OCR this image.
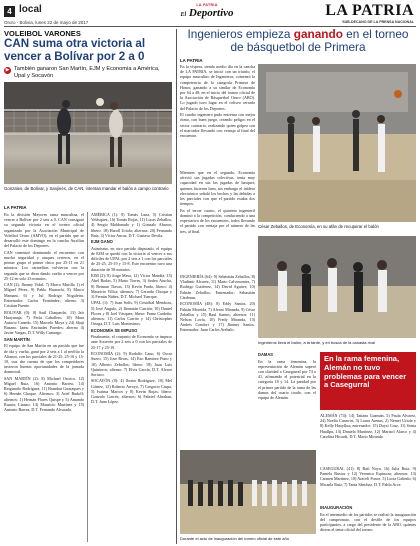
4 local
Oruro - Bolivia, lunes 22 de mayo de 2017
LA PATRIA
El Deportivo	LA PATRIA
SUB-DECANO DE LA PRENSA NACIONAL
VOLEIBOL VARONES
CAN suma otra victoria al vencer a Bolívar por 2 a 0
▶ También ganaron San Martín, EJM y Economía a América, Upal y Socavón
Gonzales, de Bolívar, y Sanjinés, de CAN, intentan mandar el balón a campo contrario
LA PATRIA

En la división Mayores rama masculina, el vencer a Bolívar por 2 sets a 0, CAN consiguió su segunda victoria en el torneo oficial organizado por la Asociación Municipal de Voleibol Oruro (AMVO), en el partido que se desarrolló este domingo en la cancha Auxiliar del Palacio de los Deportes.

CAN comenzó dominando el encuentro con mucha seguridad y ataques certeros, en el primer grupo el primer chico por 25-11 en 21 minutos. Los carmelitas volvieron con la segunda que se diera dando vuelta a vencer por 25-12 en solo 23 minutos.

CAN (2): Jhonny Vidal, 7) Marco Murillo 1) el Miguel Pérez, 9) Pablo Huarachi, 8) Marco Mamani, 6) y Jul Rodrigo Noguleira. Entrenador: Carlos Fernández; alterno 3) Cristian Fuente.

BOLIVAR (0): 8) Saúl Chaquechi, 13) Jaír Huayanaja, 7) Fería Caballero, 10) Mara Autorio Canedo, 15) Marcelo Moya y 24) Shaji Busano. Iamu Encinales Paredes; alterno 4) Javier Vargas, D.T. Willy Camargo.

SAN MARTÍN

El equipo de San Martín en un partido que fue de ida y vuelta, ganó por 2 sets a 1 al neófito la Alianza, con los parciales de 21-25, 25-16 y 15-10, tras dar cuenta de que los competidores tuvieron buenas oportunidades de la jornada dominical.

SAN MARTÍN (2): 8) Michael Orozco, 12) Miguel Ruiz, 16) Antonio Barrea, 14) Reiginarlo Rodríguez, 11) Brandon Guaraques y 6) Hernán Choque. Alternos: 3) Ariel Rudolf; alternos: 1) Hernán Flores Quispe y 5) Amando Ruaria; Lianzo: 13) Mauricio Martínez y 15) Antonio Barrea, D.T. Fernando Alvarado.

AMÉRICA (1): 9) Tomás Luna, 5) Cristian Velásquez, 16) Tomás Rojas, 11) Lucas Zeballos, 4) Sergio Maldonado y 1) Gonzalo Abaroa; libero: 18) Haroll Uriola; alternos: 20) Fernando Baía, 3) Víctor Ancas, D.T. Gustavo Devila.

EJM GANO

Asimismo, en otro partido disputado, el equipo de EJM se quedó con la victoria al vencer a sus difíciles de UPAL por 2 sets a 1 con los parciales de 25-25, 25-19 y 15-8. Este encuentro tuvo una duración de 58 minutos.

EJM (2): 8) Jorge Mesa, 12) Víctor Mendía, 15) Abel Rodas, 5) Mario Torres, 3) Sodeo Atucha, 8) Beiman Tiavas, 13) Kevin Pardo, libero: 4) Mauricio Villca; alternos: 7) Gerardo Choque y 3) Fernán Núñez, D.T. Michael Tuerque.

UPAL (1): 7) Juan Solís, 9) Cristóbal Mendoza, 5) José Angulo, 2) Jhonatán Carrión, 10) Daniel Flores y 8) Joel Vásquez; libero: Franz Cardeña; alternos: 11) Carlos Carrito y 14) Christopher Ortega, D.T. Luis Montesinos.

ECONOMÍA SE IMPUSO

Finalmente, el conjunto de Economía se impuso ante Socavón por 2 sets a 0 con los parciales de 25-17 y 25-19.

ECONOMÍA (2): 9) Rodolfo Cano, 6) Oscar Suero, 15) Jose Rivas, 14) Ezo Ramírez Puno y 10) Alberto Zeballos; libero: 18) Juan Luis Quinteros; alterno: 7) Elvis García, D.T. Alvaro Soriaco.

SOCAVÓN (0): 4) Jhonn Rodríguez, 10) Mel Gómez, 12) Roberto Arroyo, 7) Gregorio Caspa, 5) Ivaima Marcos y 8) Kevin Rojas; libero: Gonzalo Garcés; alternos: 6) Fabriel Abrahan, D.T. Juan López.

Ingenieros empieza ganando en el torneo de básquetbol de Primera
LA PATRIA

En la víspera, siendo medio día en la cancha de LA PATRIA, se inició con un triunfo, el equipo masculino de Ingenieros, comenzó la competencia de la categoría Primera de Honor, ganando a su similar de Economía por 64 a 48, en el inicio del torneo oficial de la Asociación de Básquetbol Oruro (ABO). Lo jugado tuvo lugar en el coliseo cerrado del Palacio de los Deportes.

El cuadro ingeniero pudo entrenar con mejor ritmo, con buen juego, creando peligro en el sector contrario, realizando quien golpea con el marcador llevando con ventaja al final del encuentro.

Mientras que en el segundo, Economía ofreció sus jugadas colectivas, tenía muy capacidad en sus las jugadas de basquet, quienes hicieron bien, sin embargo el tablero electrónico señaló los hechos y las debidas a los parciales con que el partido estaba dos tiempos.

En el tercer cuarto, el quinteto ingenieril dominó a la competición, conduciendo a una expectativa de los encuentros, todos llevando el partido con ventaja por el número de las tres, al final.

César Zeballos, de Economía, en su afán de recuperar el balón
Ingenieros lleva el balón, a la tarde, y en busca de la canasta rival

INGENIERÍA (64): 9) Sebastián Zeballos, 8) Vladimir Alvarez, 11) Mario Calvimontes, 7) Rodrigo Gutiérrez, 14) David Aguirre, 10) Fabián Zeballos; Entrenador: Sebastián Cárdenas.

ECONOMÍA (48): 8) Eddy Santos, 20) Fabián Moreida, 7) Alvaro Miranda, 9) César Zeballos y 15) Raul Santos; alternos: 11) Nelson Lovía, 10) Fredy Miranda, 13) Andrés Condori y 17) Jhonny Santos. Entrenador: Juan Carlos Arebalo.

DAMAS

En la rama femenina, la representación de Alemán superó con claridad a Casegurral por 74 a 41, afirmando el potencial en la categoría 18 y 14. La paridad por el primer partido de la rama de las damas del cuarto tirado, con el equipo de Alemán.

En la rama femenina, Alemán no tuvo problemas para vencer a Casegurral

ALEMÁN (74): 14) Tatiana Guzmán, 5) Paula Alvarez, 24) Noelia Canaviri, 3) Laura Arenas, 2) Nemei Uriola y 8) Kelly Huaylloa; entrenador: 15) Daysi Cruz, 11) Sonia Huallpa, 13) Daniela Martínez, 12) Marisol Alarco y 4) Carolina Hicardi, D.T. Mario Miranda.

CASEGURAL (41): 8) Rafi Noya, 16) Julia Ruiz, 9) Pamela Bustos y 12) Veronica Espinoza; alternos: 13) Carmen Martínez, 10) Araceli Ponce, 5) Lucía Galindo, 6) Micaela Ruiz, 7) Tania Sánchez, D.T. Pablo Arce.

INAUGURACIÓN

En el intermedio de los partidos se realizó la inauguración del campeonato, con el desfile de los equipos participantes, a cargo del presidente de la ABO, quienes dieron el tema oficial del torneo.

Durante el acto de inauguración del torneo oficial de este año
